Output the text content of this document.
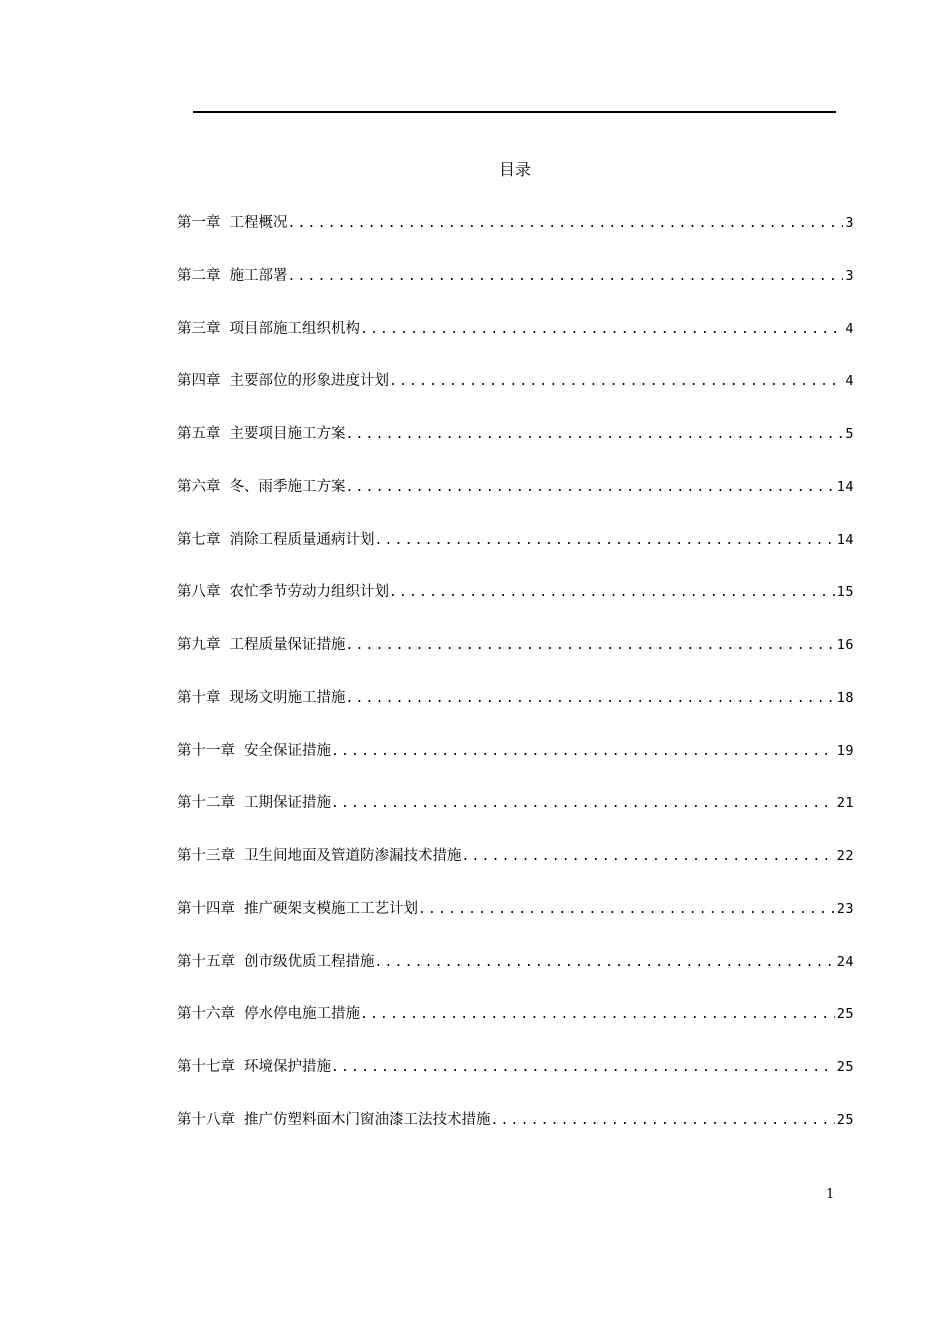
目录
第一章 工程概况 .....	3
第二章 施工部署 .....	3
第三章 项目部施工组织机构 .....	4
第四章 主要部位的形象进度计划 .....	4
第五章 主要项目施工方案 .....	5
第六章 冬、雨季施工方案 .....	14
第七章 消除工程质量通病计划 .....	14
第八章 农忙季节劳动力组织计划 .....	15
第九章 工程质量保证措施 .....	16
第十章 现场文明施工措施 .....	18
第十一章 安全保证措施 .....	19
第十二章 工期保证措施 .....	21
第十三章 卫生间地面及管道防渗漏技术措施 .....	22
第十四章 推广硬架支模施工工艺计划 .....	23
第十五章 创市级优质工程措施 .....	24
第十六章 停水停电施工措施 .....	25
第十七章 环境保护措施 .....	25
第十八章 推广仿塑料面木门窗油漆工法技术措施 .....	25
1
